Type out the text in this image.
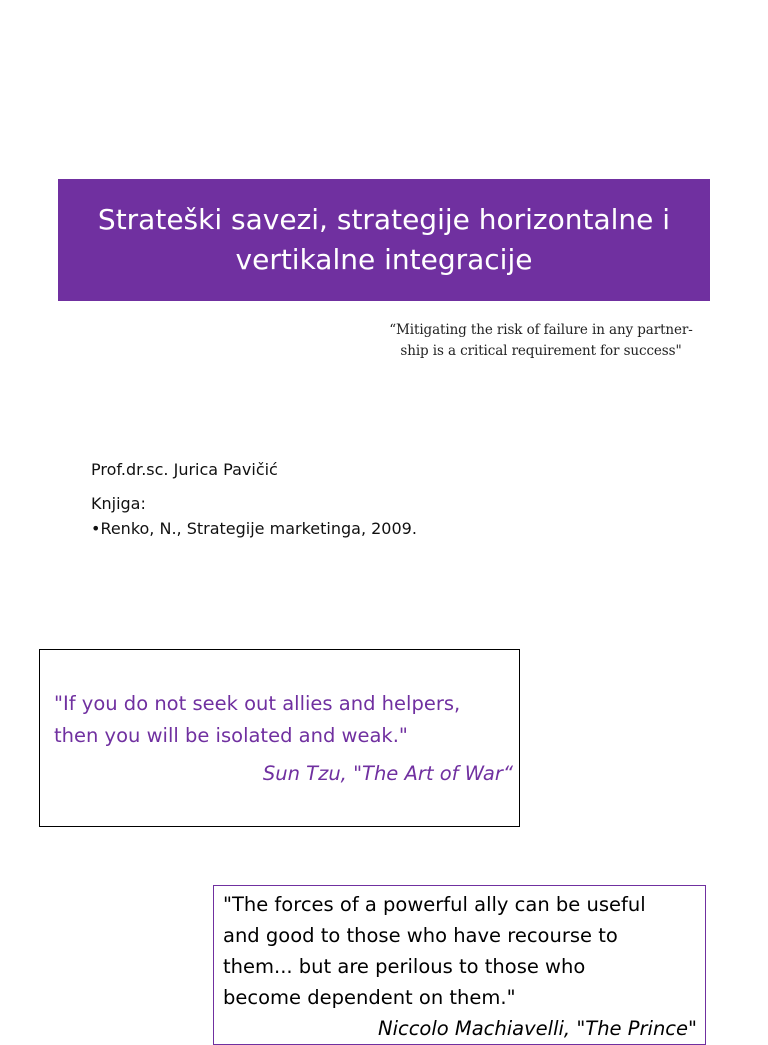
Strateški savezi, strategije horizontalne i
vertikalne integracije
“Mitigating the risk of failure in any partner-
ship is a critical requirement for success"
Prof.dr.sc. Jurica Pavičić
Knjiga:
•Renko, N., Strategije marketinga, 2009.
"If you do not seek out allies and helpers,
then you will be isolated and weak."
Sun Tzu, "The Art of War“
"The forces of a powerful ally can be useful
and good to those who have recourse to
them... but are perilous to those who
become dependent on them."
Niccolo Machiavelli, "The Prince"
